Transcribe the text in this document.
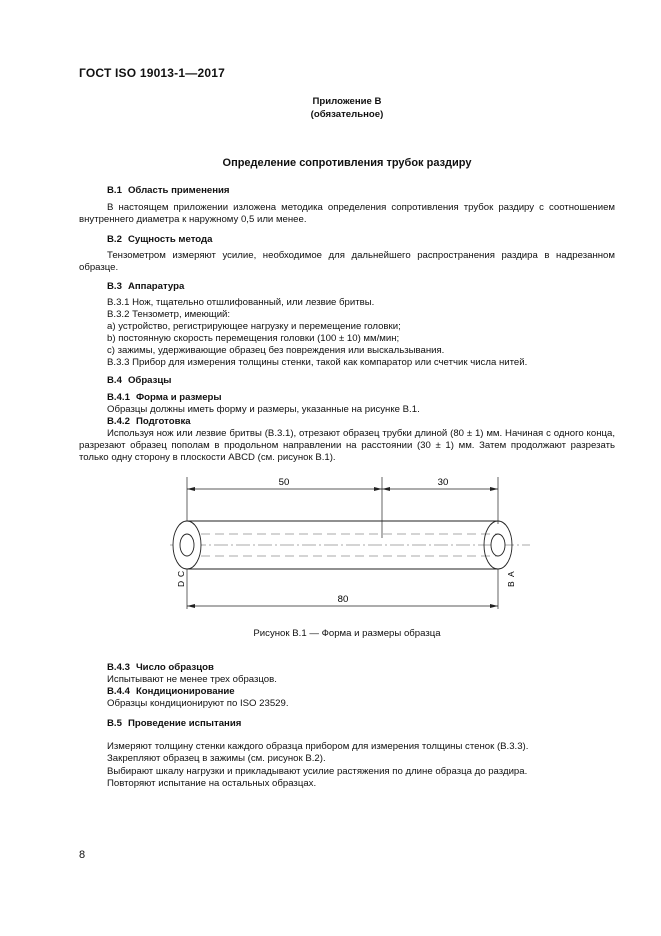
ГОСТ ISO 19013-1—2017
Приложение В
(обязательное)
Определение сопротивления трубок раздиру
В.1 Область применения
В настоящем приложении изложена методика определения сопротивления трубок раздиру с соотношением внутреннего диаметра к наружному 0,5 или менее.
В.2 Сущность метода
Тензометром измеряют усилие, необходимое для дальнейшего распространения раздира в надрезанном образце.
В.3 Аппаратура
В.3.1 Нож, тщательно отшлифованный, или лезвие бритвы.
В.3.2 Тензометр, имеющий:
a) устройство, регистрирующее нагрузку и перемещение головки;
b) постоянную скорость перемещения головки (100 ± 10) мм/мин;
c) зажимы, удерживающие образец без повреждения или выскальзывания.
В.3.3 Прибор для измерения толщины стенки, такой как компаратор или счетчик числа нитей.
В.4 Образцы
В.4.1 Форма и размеры
Образцы должны иметь форму и размеры, указанные на рисунке В.1.
В.4.2 Подготовка
Используя нож или лезвие бритвы (В.3.1), отрезают образец трубки длиной (80 ± 1) мм. Начиная с одного конца, разрезают образец пополам в продольном направлении на расстоянии (30 ± 1) мм. Затем продолжают разрезать только одну сторону в плоскости ABCD (см. рисунок В.1).
50	30
80
D
C
B
A
Рисунок В.1 — Форма и размеры образца
В.4.3 Число образцов
Испытывают не менее трех образцов.
В.4.4 Кондиционирование
Образцы кондиционируют по ISO 23529.
В.5 Проведение испытания
Измеряют толщину стенки каждого образца прибором для измерения толщины стенок (В.3.3).
Закрепляют образец в зажимы (см. рисунок В.2).
Выбирают шкалу нагрузки и прикладывают усилие растяжения по длине образца до раздира.
Повторяют испытание на остальных образцах.
8
